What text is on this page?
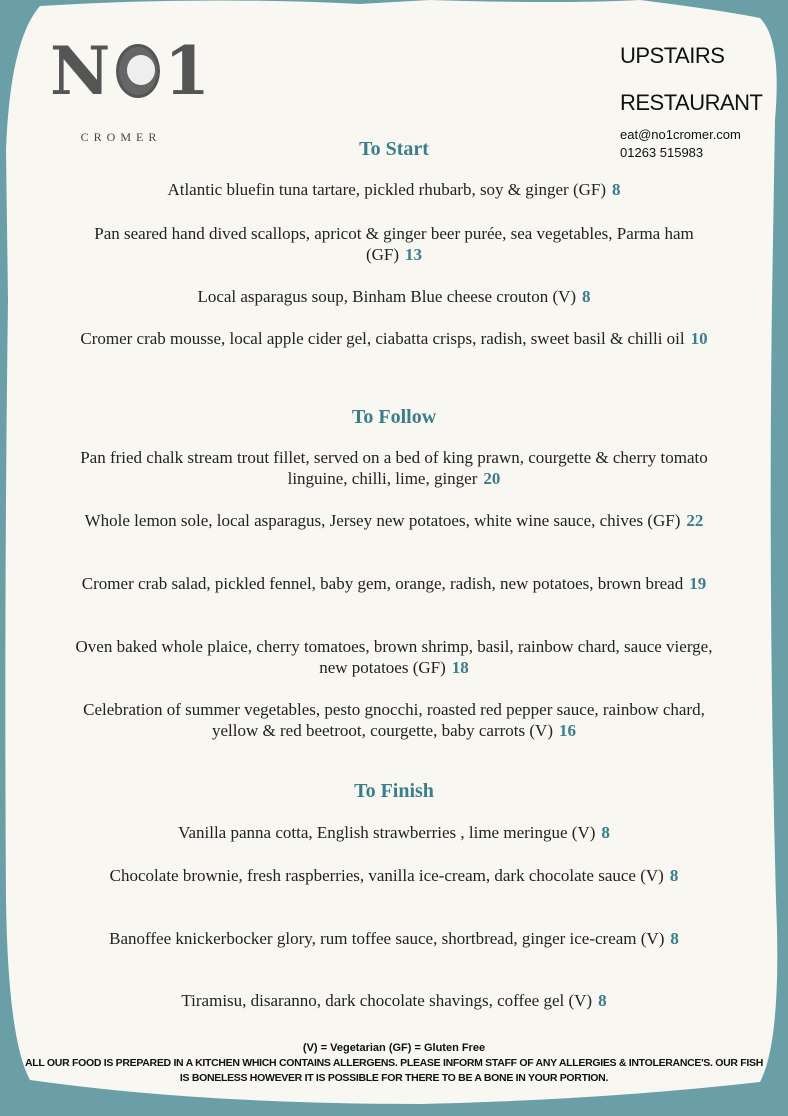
N 1
CROMER
UPSTAIRS
RESTAURANT
eat@no1cromer.com
01263 515983
To Start
Atlantic bluefin tuna tartare, pickled rhubarb, soy & ginger (GF) 8
Pan seared hand dived scallops, apricot & ginger beer purée, sea vegetables, Parma ham (GF) 13
Local asparagus soup, Binham Blue cheese crouton (V) 8
Cromer crab mousse, local apple cider gel, ciabatta crisps, radish, sweet basil & chilli oil 10
To Follow
Pan fried chalk stream trout fillet, served on a bed of king prawn, courgette & cherry tomato linguine, chilli, lime, ginger 20
Whole lemon sole, local asparagus, Jersey new potatoes, white wine sauce, chives (GF) 22
Cromer crab salad, pickled fennel, baby gem, orange, radish, new potatoes, brown bread 19
Oven baked whole plaice, cherry tomatoes, brown shrimp, basil, rainbow chard, sauce vierge, new potatoes (GF) 18
Celebration of summer vegetables, pesto gnocchi, roasted red pepper sauce, rainbow chard, yellow & red beetroot, courgette, baby carrots (V) 16
To Finish
Vanilla panna cotta, English strawberries , lime meringue (V) 8
Chocolate brownie, fresh raspberries, vanilla ice-cream, dark chocolate sauce (V) 8
Banoffee knickerbocker glory, rum toffee sauce, shortbread, ginger ice-cream (V) 8
Tiramisu, disaranno, dark chocolate shavings, coffee gel (V) 8
(V) = Vegetarian (GF) = Gluten Free
ALL OUR FOOD IS PREPARED IN A KITCHEN WHICH CONTAINS ALLERGENS. PLEASE INFORM STAFF OF ANY ALLERGIES & INTOLERANCE'S. OUR FISH
IS BONELESS HOWEVER IT IS POSSIBLE FOR THERE TO BE A BONE IN YOUR PORTION.
